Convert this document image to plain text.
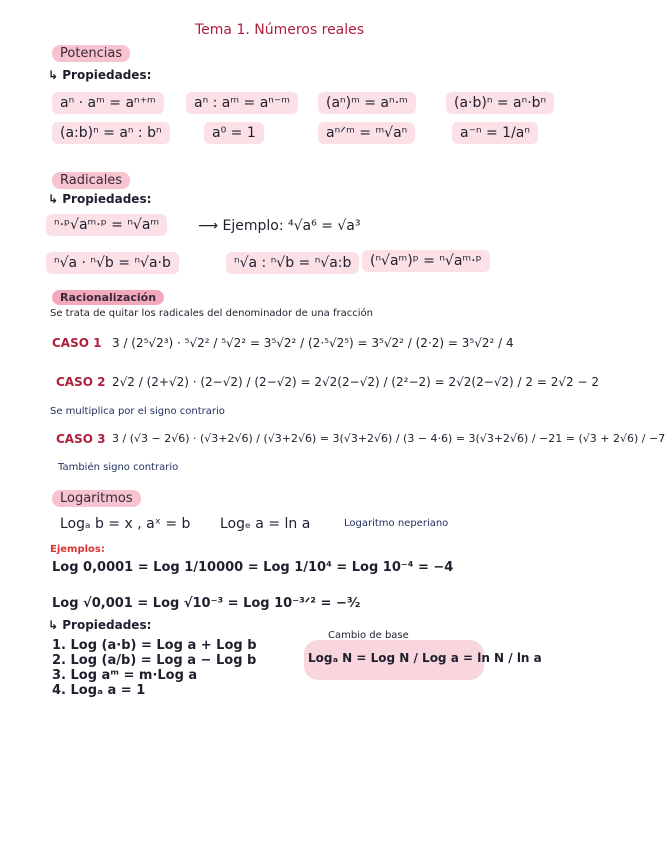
Tema 1. Números reales
Potencias
↳ Propiedades:
aⁿ · aᵐ = aⁿ⁺ᵐ	aⁿ : aᵐ = aⁿ⁻ᵐ	(aⁿ)ᵐ = aⁿ·ᵐ	(a·b)ⁿ = aⁿ·bⁿ
(a:b)ⁿ = aⁿ : bⁿ	a⁰ = 1	aⁿᐟᵐ = ᵐ√aⁿ	a⁻ⁿ = 1/aⁿ
Radicales
↳ Propiedades:
ⁿ·ᵖ√aᵐ·ᵖ = ⁿ√aᵐ	⟶ Ejemplo: ⁴√a⁶ = √a³
ⁿ√a · ⁿ√b = ⁿ√a·b	ⁿ√a : ⁿ√b = ⁿ√a:b	(ⁿ√aᵐ)ᵖ = ⁿ√aᵐ·ᵖ
Racionalización
Se trata de quitar los radicales del denominador de una fracción
CASO 1 3 / (2⁵√2³) · ⁵√2² / ⁵√2² = 3⁵√2² / (2·⁵√2⁵) = 3⁵√2² / (2·2) = 3⁵√2² / 4
CASO 2 2√2 / (2+√2) · (2−√2) / (2−√2) = 2√2(2−√2) / (2²−2) = 2√2(2−√2) / 2 = 2√2 − 2
Se multiplica por el signo contrario
CASO 3 3 / (√3 − 2√6) · (√3+2√6) / (√3+2√6) = 3(√3+2√6) / (3 − 4·6) = 3(√3+2√6) / −21 = (√3 + 2√6) / −7
También signo contrario
Logaritmos
Logₐ b = x , aˣ = b Logₑ a = ln a	Logaritmo neperiano
Ejemplos:
Log 0,0001 = Log 1/10000 = Log 1/10⁴ = Log 10⁻⁴ = −4
Log √0,001 = Log √10⁻³ = Log 10⁻³ᐟ² = −³⁄₂
↳ Propiedades:
1. Log (a·b) = Log a + Log b
2. Log (a/b) = Log a − Log b
3. Log aᵐ = m·Log a
4. Logₐ a = 1
Cambio de base
Logₐ N = Log N / Log a = ln N / ln a
